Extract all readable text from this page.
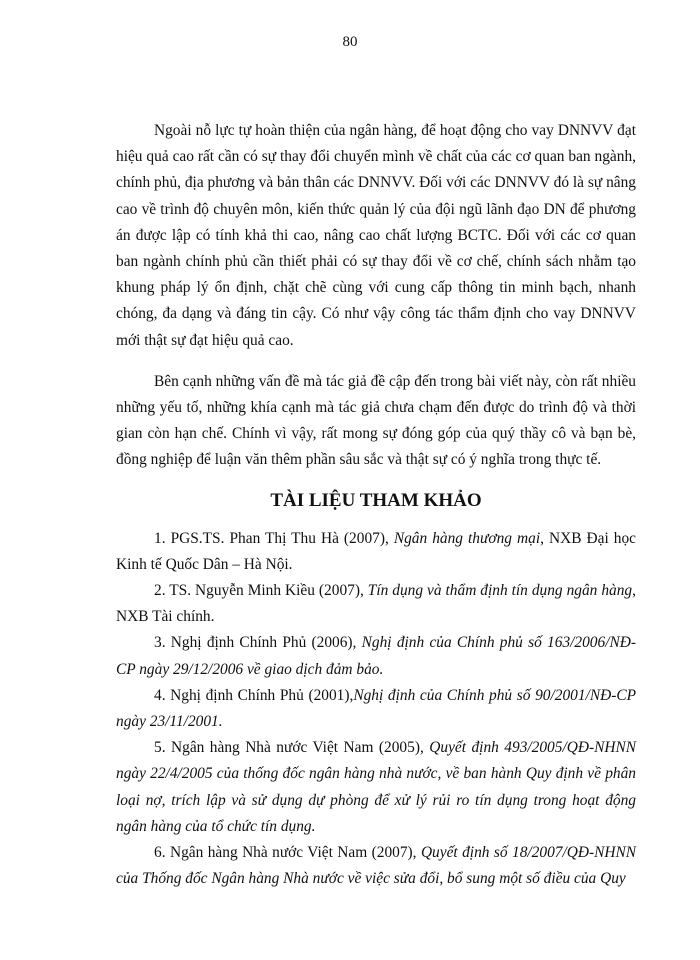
80

Ngoài nỗ lực tự hoàn thiện của ngân hàng, để hoạt động cho vay DNNVV đạt hiệu quả cao rất cần có sự thay đổi chuyển mình về chất của các cơ quan ban ngành, chính phủ, địa phương và bản thân các DNNVV. Đối với các DNNVV đó là sự nâng cao về trình độ chuyên môn, kiến thức quản lý của đội ngũ lãnh đạo DN để phương án được lập có tính khả thi cao, nâng cao chất lượng BCTC. Đối với các cơ quan ban ngành chính phủ cần thiết phải có sự thay đổi về cơ chế, chính sách nhằm tạo khung pháp lý ổn định, chặt chẽ cùng với cung cấp thông tin minh bạch, nhanh chóng, đa dạng và đáng tin cậy. Có như vậy công tác thẩm định cho vay DNNVV mới thật sự đạt hiệu quả cao.

Bên cạnh những vấn đề mà tác giả đề cập đến trong bài viết này, còn rất nhiều những yếu tố, những khía cạnh mà tác giả chưa chạm đến được do trình độ và thời gian còn hạn chế. Chính vì vậy, rất mong sự đóng góp của quý thầy cô và bạn bè, đồng nghiệp để luận văn thêm phần sâu sắc và thật sự có ý nghĩa trong thực tế.

TÀI LIỆU THAM KHẢO

1. PGS.TS. Phan Thị Thu Hà (2007), Ngân hàng thương mại, NXB Đại học Kinh tế Quốc Dân – Hà Nội.

2. TS. Nguyễn Minh Kiều (2007), Tín dụng và thẩm định tín dụng ngân hàng, NXB Tài chính.

3. Nghị định Chính Phủ (2006), Nghị định của Chính phủ số 163/2006/NĐ-CP ngày 29/12/2006 về giao dịch đảm bảo.

4. Nghị định Chính Phủ (2001),Nghị định của Chính phủ số 90/2001/NĐ-CP ngày 23/11/2001.

5. Ngân hàng Nhà nước Việt Nam (2005), Quyết định 493/2005/QĐ-NHNN ngày 22/4/2005 của thống đốc ngân hàng nhà nước, về ban hành Quy định về phân loại nợ, trích lập và sử dụng dự phòng để xử lý rủi ro tín dụng trong hoạt động ngân hàng của tổ chức tín dụng.

6. Ngân hàng Nhà nước Việt Nam (2007), Quyết định số 18/2007/QĐ-NHNN của Thống đốc Ngân hàng Nhà nước về việc sửa đổi, bổ sung một số điều của Quy
